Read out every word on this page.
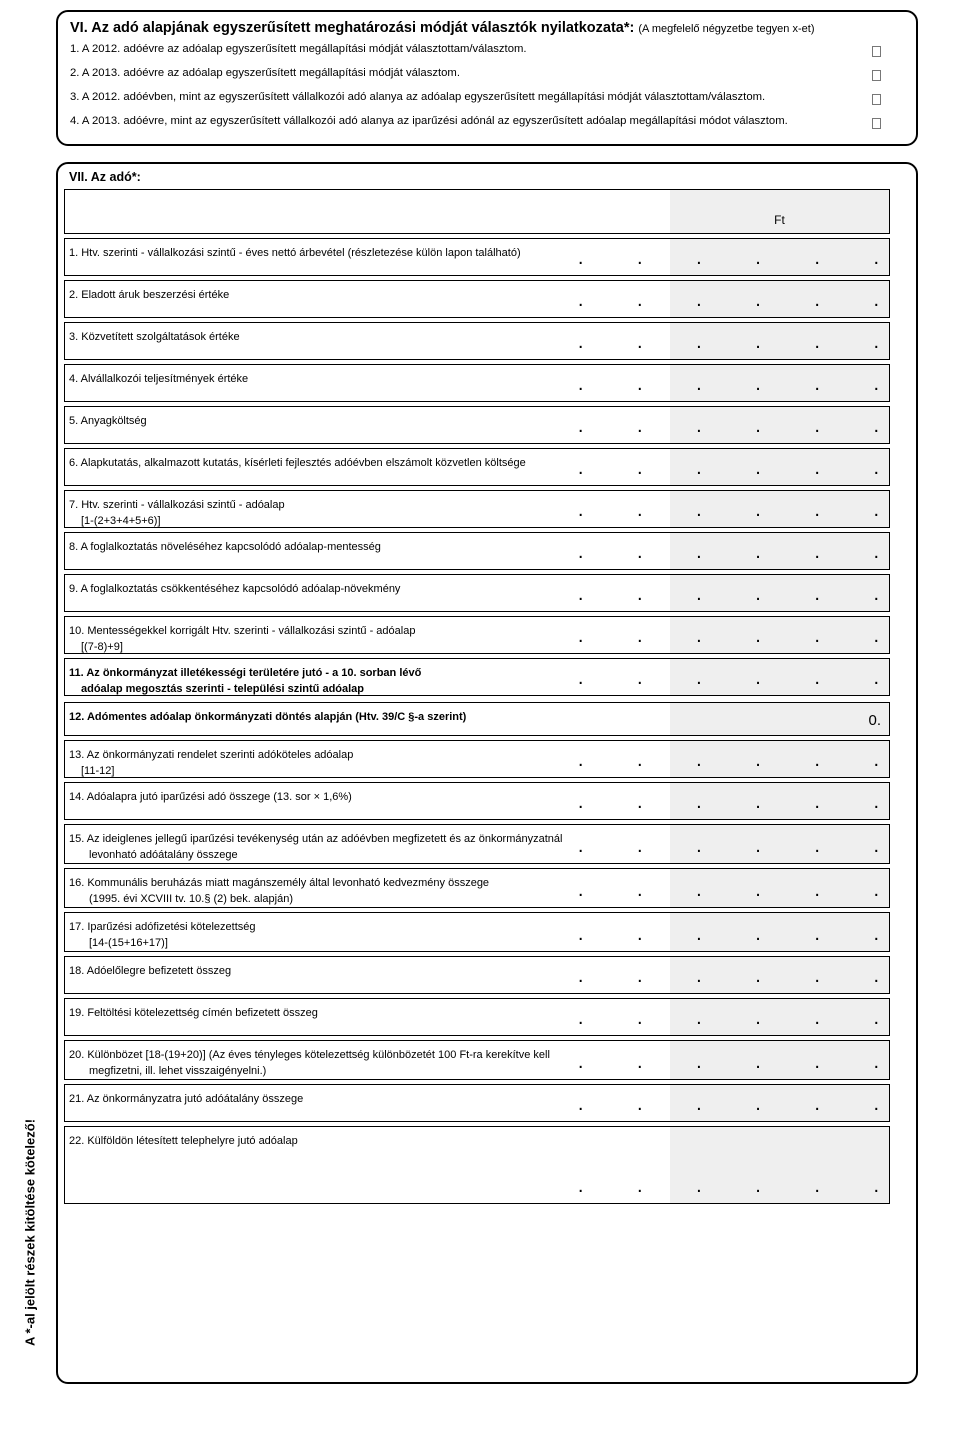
VI. Az adó alapjának egyszerűsített meghatározási módját választók nyilatkozata*: (A megfelelő négyzetbe tegyen x-et)
1. A 2012. adóévre az adóalap egyszerűsített megállapítási módját választottam/választom.
2. A 2013. adóévre az adóalap egyszerűsített megállapítási módját választom.
3. A 2012. adóévben, mint az egyszerűsített vállalkozói adó alanya az adóalap egyszerűsített megállapítási módját választottam/választom.
4. A 2013. adóévre, mint az egyszerűsített vállalkozói adó alanya az iparűzési adónál az egyszerűsített adóalap megállapítási módot választom.
VII. Az adó*:
Ft
1. Htv. szerinti - vállalkozási szintű - éves nettó árbevétel (részletezése külön lapon található)	. . . . . .
2. Eladott áruk beszerzési értéke	. . . . . .
3. Közvetített szolgáltatások értéke	. . . . . .
4. Alvállalkozói teljesítmények értéke	. . . . . .
5. Anyagköltség	. . . . . .
6. Alapkutatás, alkalmazott kutatás, kísérleti fejlesztés adóévben elszámolt közvetlen költsége	. . . . . .
7. Htv. szerinti - vállalkozási szintű - adóalap
[1-(2+3+4+5+6)]	. . . . . .
8. A foglalkoztatás növeléséhez kapcsolódó adóalap-mentesség	. . . . . .
9. A foglalkoztatás csökkentéséhez kapcsolódó adóalap-növekmény	. . . . . .
10. Mentességekkel korrigált Htv. szerinti - vállalkozási szintű - adóalap
[(7-8)+9]	. . . . . .
11. Az önkormányzat illetékességi területére jutó - a 10. sorban lévő
adóalap megosztás szerinti - települési szintű adóalap	. . . . . .
12. Adómentes adóalap önkormányzati döntés alapján (Htv. 39/C §-a szerint)	0.
13. Az önkormányzati rendelet szerinti adóköteles adóalap
[11-12]	. . . . . .
14. Adóalapra jutó iparűzési adó összege (13. sor × 1,6%)	. . . . . .
15. Az ideiglenes jellegű iparűzési tevékenység után az adóévben megfizetett és az önkormányzatnál
levonható adóátalány összege	. . . . . .
16. Kommunális beruházás miatt magánszemély által levonható kedvezmény összege
(1995. évi XCVIII tv. 10.§ (2) bek. alapján)	. . . . . .
17. Iparűzési adófizetési kötelezettség
[14-(15+16+17)]	. . . . . .
18. Adóelőlegre befizetett összeg	. . . . . .
19. Feltöltési kötelezettség címén befizetett összeg	. . . . . .
20. Különbözet [18-(19+20)] (Az éves tényleges kötelezettség különbözetét 100 Ft-ra kerekítve kell
megfizetni, ill. lehet visszaigényelni.)	. . . . . .
21. Az önkormányzatra jutó adóátalány összege	. . . . . .
22. Külföldön létesített telephelyre jutó adóalap
. . . . . .
A *-al jelölt részek kitöltése kötelező!
